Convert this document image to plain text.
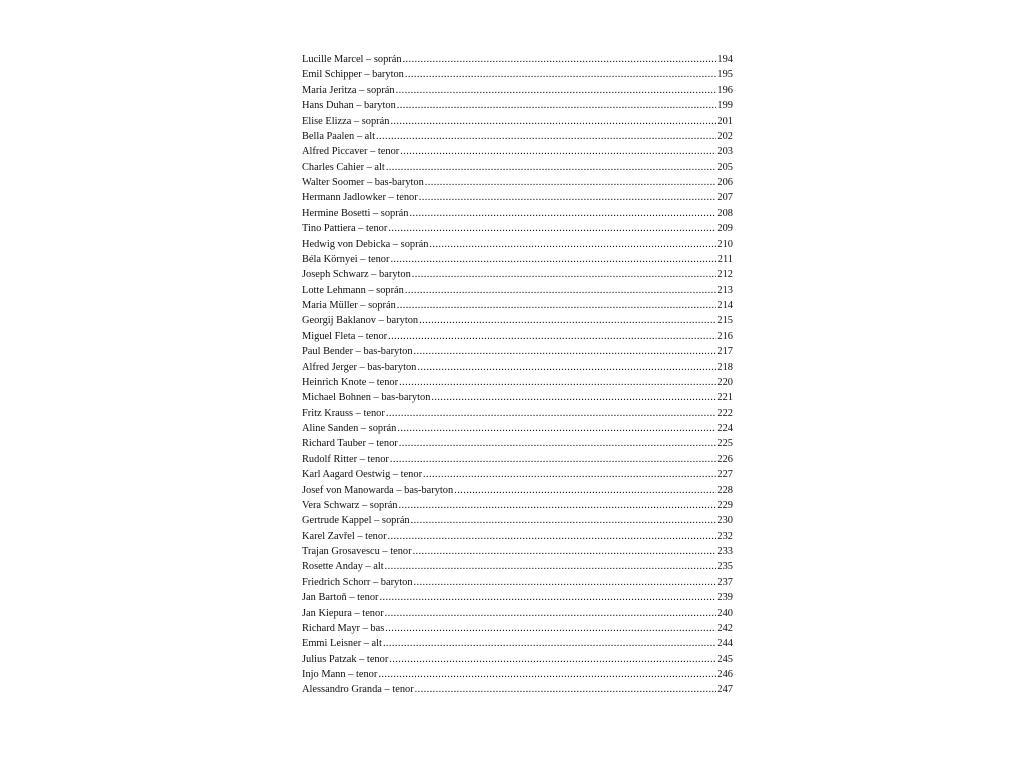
Lucille Marcel – soprán .....	194
Emil Schipper – baryton .....	195
Maria Jeritza – soprán .....	196
Hans Duhan – baryton .....	199
Elise Elizza – soprán .....	201
Bella Paalen – alt .....	202
Alfred Piccaver – tenor .....	203
Charles Cahier – alt .....	205
Walter Soomer – bas-baryton .....	206
Hermann Jadlowker – tenor .....	207
Hermine Bosetti – soprán .....	208
Tino Pattiera – tenor .....	209
Hedwig von Debicka – soprán .....	210
Béla Környei – tenor .....	211
Joseph Schwarz – baryton .....	212
Lotte Lehmann – soprán .....	213
Maria Müller – soprán .....	214
Georgij Baklanov – baryton .....	215
Miguel Fleta – tenor .....	216
Paul Bender – bas-baryton .....	217
Alfred Jerger – bas-baryton .....	218
Heinrich Knote – tenor .....	220
Michael Bohnen – bas-baryton .....	221
Fritz Krauss – tenor .....	222
Aline Sanden – soprán .....	224
Richard Tauber – tenor .....	225
Rudolf Ritter – tenor .....	226
Karl Aagard Oestwig – tenor .....	227
Josef von Manowarda – bas-baryton .....	228
Vera Schwarz – soprán .....	229
Gertrude Kappel – soprán .....	230
Karel Zavřel – tenor .....	232
Trajan Grosavescu – tenor .....	233
Rosette Anday – alt .....	235
Friedrich Schorr – baryton .....	237
Jan Bartoň – tenor .....	239
Jan Kiepura – tenor .....	240
Richard Mayr – bas .....	242
Emmi Leisner – alt .....	244
Julius Patzak – tenor .....	245
Injo Mann – tenor .....	246
Alessandro Granda – tenor .....	247
